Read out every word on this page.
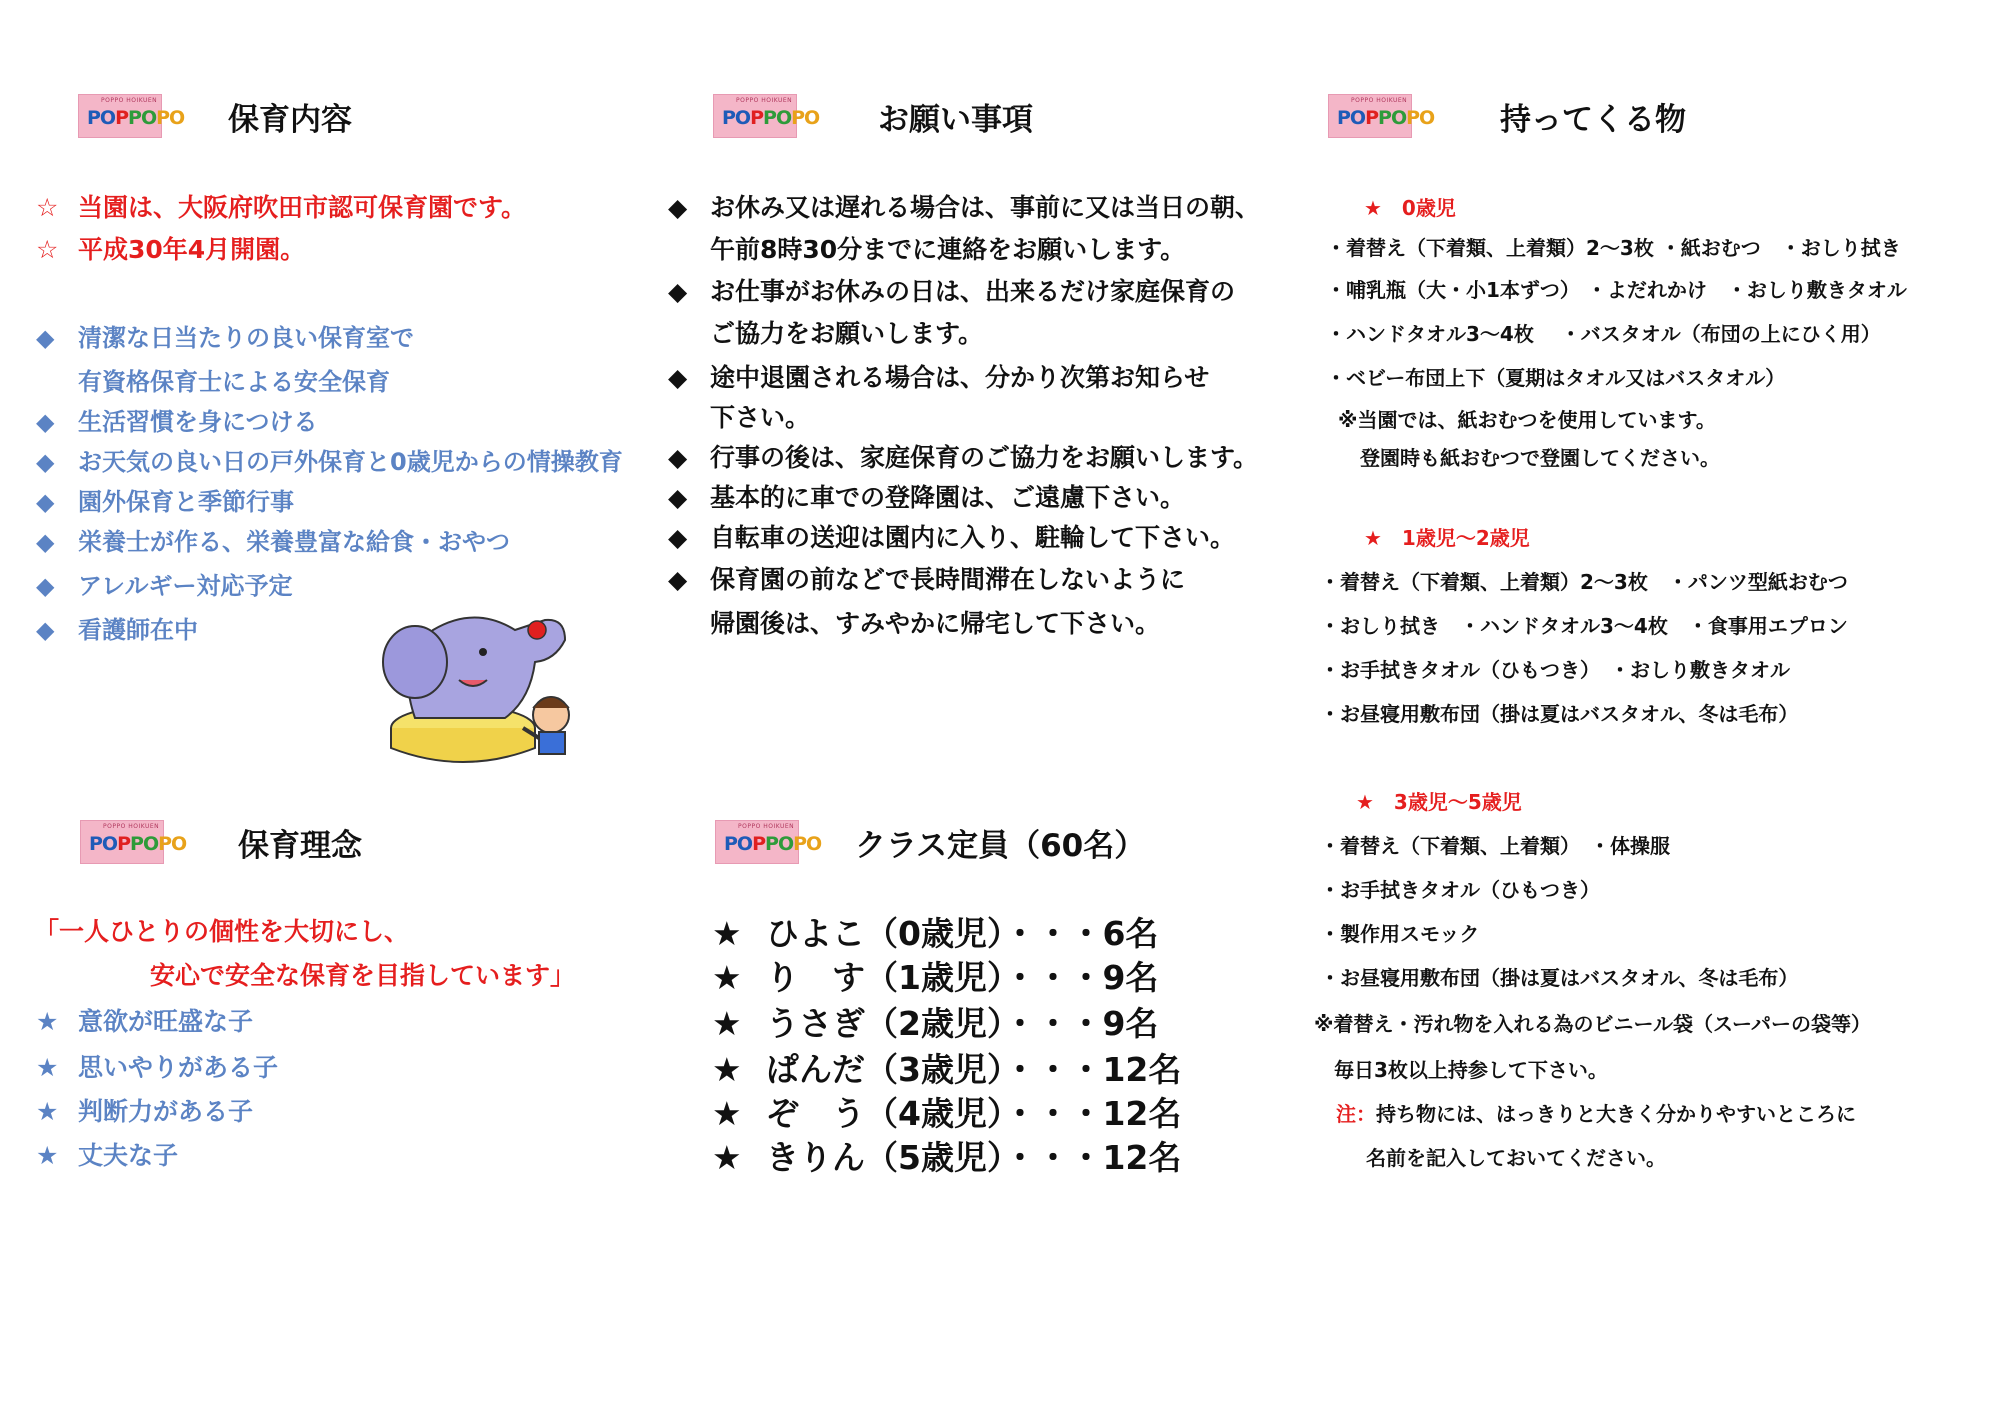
POPPO HOIKUEN
POPPOPO
POPPO HOIKUEN
POPPOPO
POPPO HOIKUEN
POPPOPO
POPPO HOIKUEN
POPPOPO
POPPO HOIKUEN
POPPOPO
保育内容
☆ 当園は、大阪府吹田市認可保育園です。
☆ 平成30年4月開園。
◆ 清潔な日当たりの良い保育室で
有資格保育士による安全保育
◆ 生活習慣を身につける
◆ お天気の良い日の戸外保育と0歳児からの情操教育
◆ 園外保育と季節行事
◆ 栄養士が作る、栄養豊富な給食・おやつ
◆ アレルギー対応予定
◆ 看護師在中
お願い事項
◆ お休み又は遅れる場合は、事前に又は当日の朝、
午前8時30分までに連絡をお願いします。
◆ お仕事がお休みの日は、出来るだけ家庭保育の
ご協力をお願いします。
◆ 途中退園される場合は、分かり次第お知らせ
下さい。
◆ 行事の後は、家庭保育のご協力をお願いします。
◆ 基本的に車での登降園は、ご遠慮下さい。
◆ 自転車の送迎は園内に入り、駐輪して下さい。
◆ 保育園の前などで長時間滞在しないように
帰園後は、すみやかに帰宅して下さい。
持ってくる物
★　0歳児
・着替え（下着類、上着類）2～3枚 ・紙おむつ　・おしり拭き
・哺乳瓶（大・小1本ずつ） ・よだれかけ　・おしり敷きタオル
・ハンドタオル3～4枚　 ・バスタオル（布団の上にひく用）
・ベビー布団上下（夏期はタオル又はバスタオル）
※当園では、紙おむつを使用しています。
登園時も紙おむつで登園してください。
★　1歳児～2歳児
・着替え（下着類、上着類）2～3枚　・パンツ型紙おむつ
・おしり拭き　・ハンドタオル3～4枚　・食事用エプロン
・お手拭きタオル（ひもつき）　・おしり敷きタオル
・お昼寝用敷布団（掛は夏はバスタオル、冬は毛布）
★　3歳児～5歳児
・着替え（下着類、上着類）　・体操服
・お手拭きタオル（ひもつき）
・製作用スモック
・お昼寝用敷布団（掛は夏はバスタオル、冬は毛布）
※着替え・汚れ物を入れる為のビニール袋（スーパーの袋等）
毎日3枚以上持参して下さい。
注：持ち物には、はっきりと大きく分かりやすいところに
名前を記入しておいてください。
保育理念
「一人ひとりの個性を大切にし、
安心で安全な保育を目指しています」
★ 意欲が旺盛な子
★ 思いやりがある子
★ 判断力がある子
★ 丈夫な子
クラス定員（60名）
★ ひよこ（0歳児）・・・6名
★ り　す（1歳児）・・・9名
★ うさぎ（2歳児）・・・9名
★ ぱんだ（3歳児）・・・12名
★ ぞ　う（4歳児）・・・12名
★ きりん（5歳児）・・・12名
